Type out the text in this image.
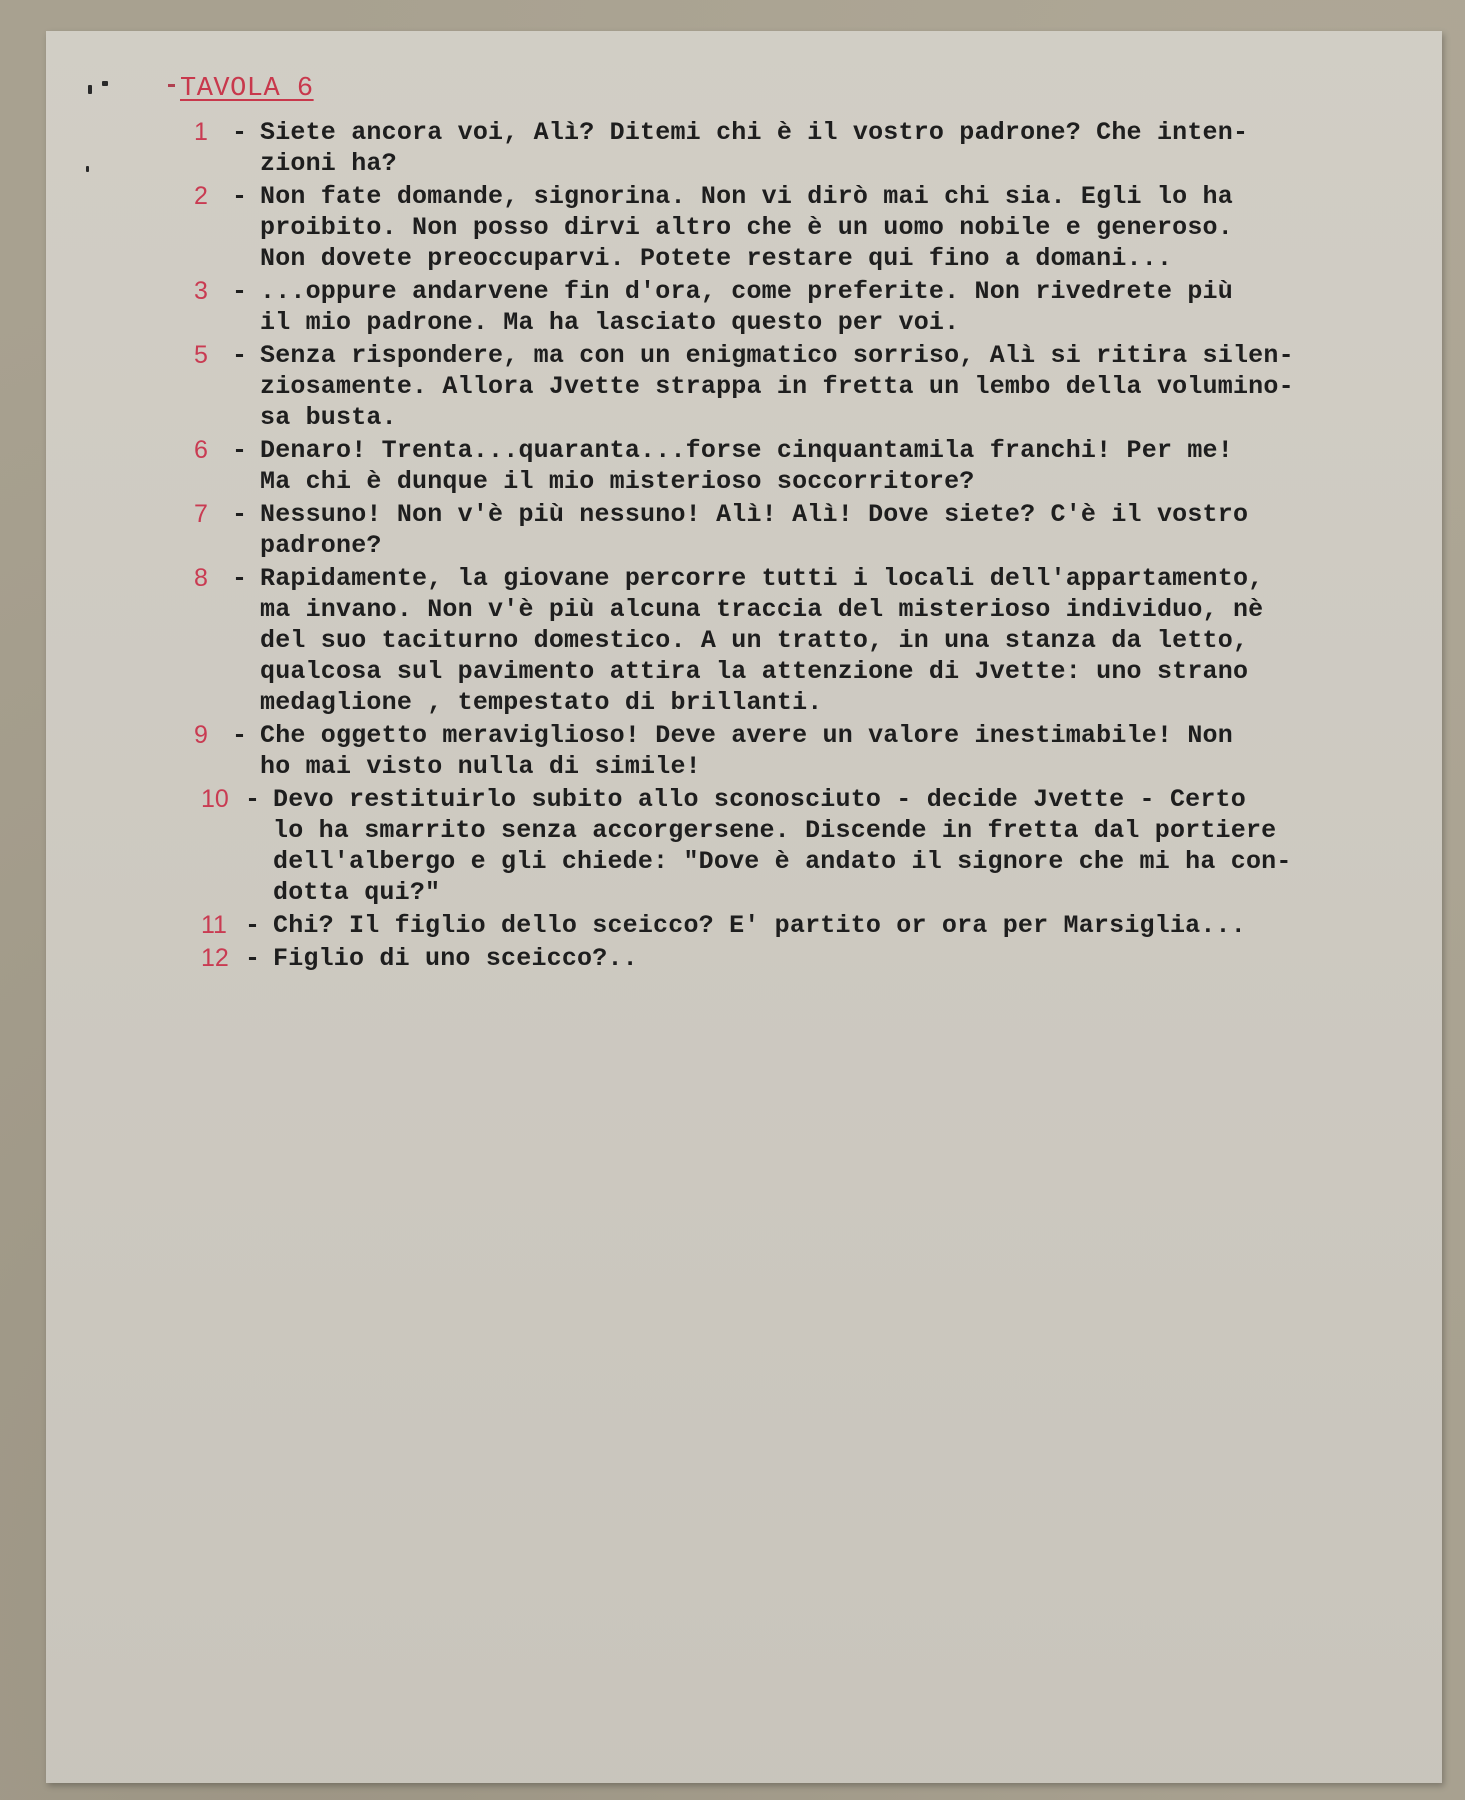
TAVOLA 6
1 - Siete ancora voi, Alì? Ditemi chi è il vostro padrone? Che inten-
zioni ha?
2 - Non fate domande, signorina. Non vi dirò mai chi sia. Egli lo ha
proibito. Non posso dirvi altro che è un uomo nobile e generoso.
Non dovete preoccuparvi. Potete restare qui fino a domani...
3 - ...oppure andarvene fin d'ora, come preferite. Non rivedrete più
il mio padrone. Ma ha lasciato questo per voi.
5 - Senza rispondere, ma con un enigmatico sorriso, Alì si ritira silen-
ziosamente. Allora Jvette strappa in fretta un lembo della volumino-
sa busta.
6 - Denaro! Trenta...quaranta...forse cinquantamila franchi! Per me!
Ma chi è dunque il mio misterioso soccorritore?
7 - Nessuno! Non v'è più nessuno! Alì! Alì! Dove siete? C'è il vostro
padrone?
8 - Rapidamente, la giovane percorre tutti i locali dell'appartamento,
ma invano. Non v'è più alcuna traccia del misterioso individuo, nè
del suo taciturno domestico. A un tratto, in una stanza da letto,
qualcosa sul pavimento attira la attenzione di Jvette: uno strano
medaglione , tempestato di brillanti.
9 - Che oggetto meraviglioso! Deve avere un valore inestimabile! Non
ho mai visto nulla di simile!
10 - Devo restituirlo subito allo sconosciuto - decide Jvette - Certo
lo ha smarrito senza accorgersene. Discende in fretta dal portiere
dell'albergo e gli chiede: "Dove è andato il signore che mi ha con-
dotta qui?"
11 - Chi? Il figlio dello sceicco? E' partito or ora per Marsiglia...
12 - Figlio di uno sceicco?..
